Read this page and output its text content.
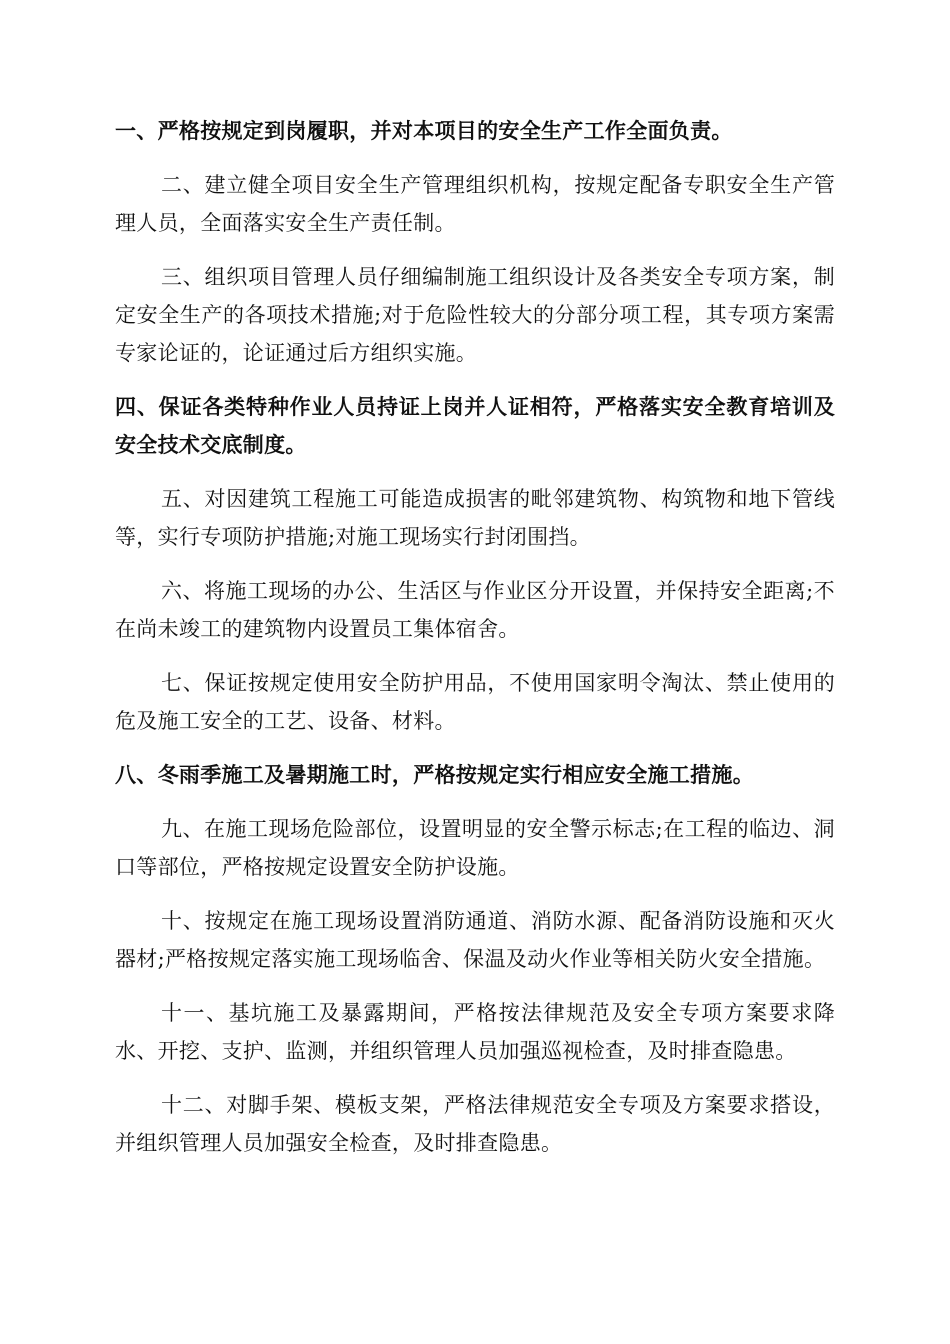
一、严格按规定到岗履职，并对本项目的安全生产工作全面负责。

二、建立健全项目安全生产管理组织机构，按规定配备专职安全生产管理人员，全面落实安全生产责任制。

三、组织项目管理人员仔细编制施工组织设计及各类安全专项方案，制定安全生产的各项技术措施;对于危险性较大的分部分项工程，其专项方案需专家论证的，论证通过后方组织实施。

四、保证各类特种作业人员持证上岗并人证相符，严格落实安全教育培训及安全技术交底制度。

五、对因建筑工程施工可能造成损害的毗邻建筑物、构筑物和地下管线等，实行专项防护措施;对施工现场实行封闭围挡。

六、将施工现场的办公、生活区与作业区分开设置，并保持安全距离;不在尚未竣工的建筑物内设置员工集体宿舍。

七、保证按规定使用安全防护用品，不使用国家明令淘汰、禁止使用的危及施工安全的工艺、设备、材料。

八、冬雨季施工及暑期施工时，严格按规定实行相应安全施工措施。

九、在施工现场危险部位，设置明显的安全警示标志;在工程的临边、洞口等部位，严格按规定设置安全防护设施。

十、按规定在施工现场设置消防通道、消防水源、配备消防设施和灭火器材;严格按规定落实施工现场临舍、保温及动火作业等相关防火安全措施。

十一、基坑施工及暴露期间，严格按法律规范及安全专项方案要求降水、开挖、支护、监测，并组织管理人员加强巡视检查，及时排查隐患。

十二、对脚手架、模板支架，严格法律规范安全专项及方案要求搭设，并组织管理人员加强安全检查，及时排查隐患。
